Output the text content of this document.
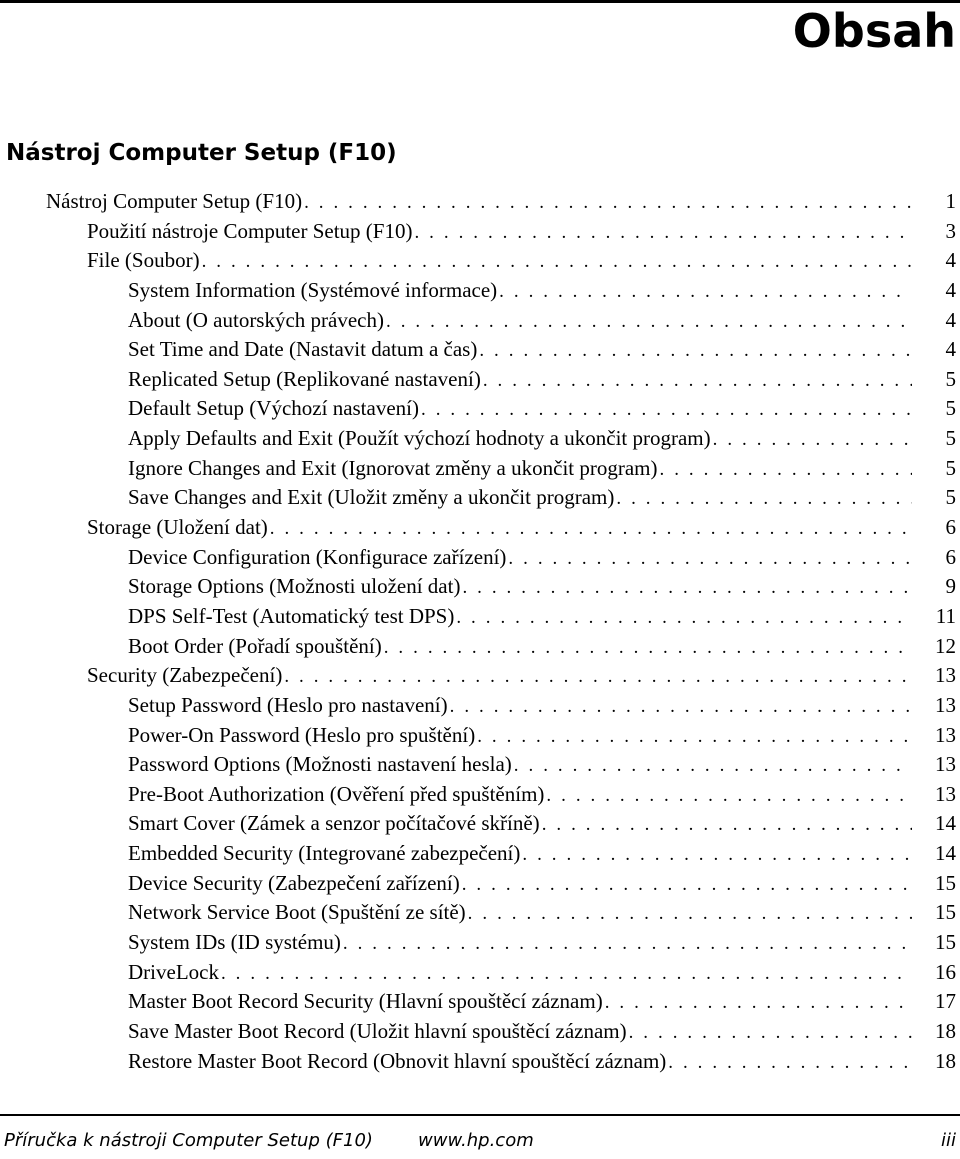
Obsah
Nástroj Computer Setup (F10)
Nástroj Computer Setup (F10) . . .	1
Použití nástroje Computer Setup (F10) . . .	3
File (Soubor) . . .	4
System Information (Systémové informace) . . .	4
About (O autorských právech) . . .	4
Set Time and Date (Nastavit datum a čas) . . .	4
Replicated Setup (Replikované nastavení) . . .	5
Default Setup (Výchozí nastavení) . . .	5
Apply Defaults and Exit (Použít výchozí hodnoty a ukončit program) . . .	5
Ignore Changes and Exit (Ignorovat změny a ukončit program) . . .	5
Save Changes and Exit (Uložit změny a ukončit program) . . .	5
Storage (Uložení dat) . . .	6
Device Configuration (Konfigurace zařízení) . . .	6
Storage Options (Možnosti uložení dat) . . .	9
DPS Self-Test (Automatický test DPS) . . .	11
Boot Order (Pořadí spouštění) . . .	12
Security (Zabezpečení) . . .	13
Setup Password (Heslo pro nastavení) . . .	13
Power-On Password (Heslo pro spuštění) . . .	13
Password Options (Možnosti nastavení hesla) . . .	13
Pre-Boot Authorization (Ověření před spuštěním) . . .	13
Smart Cover (Zámek a senzor počítačové skříně) . . .	14
Embedded Security (Integrované zabezpečení) . . .	14
Device Security (Zabezpečení zařízení) . . .	15
Network Service Boot (Spuštění ze sítě) . . .	15
System IDs (ID systému) . . .	15
DriveLock . . .	16
Master Boot Record Security (Hlavní spouštěcí záznam) . . .	17
Save Master Boot Record (Uložit hlavní spouštěcí záznam) . . .	18
Restore Master Boot Record (Obnovit hlavní spouštěcí záznam) . . .	18
Příručka k nástroji Computer Setup (F10)	www.hp.com	iii
